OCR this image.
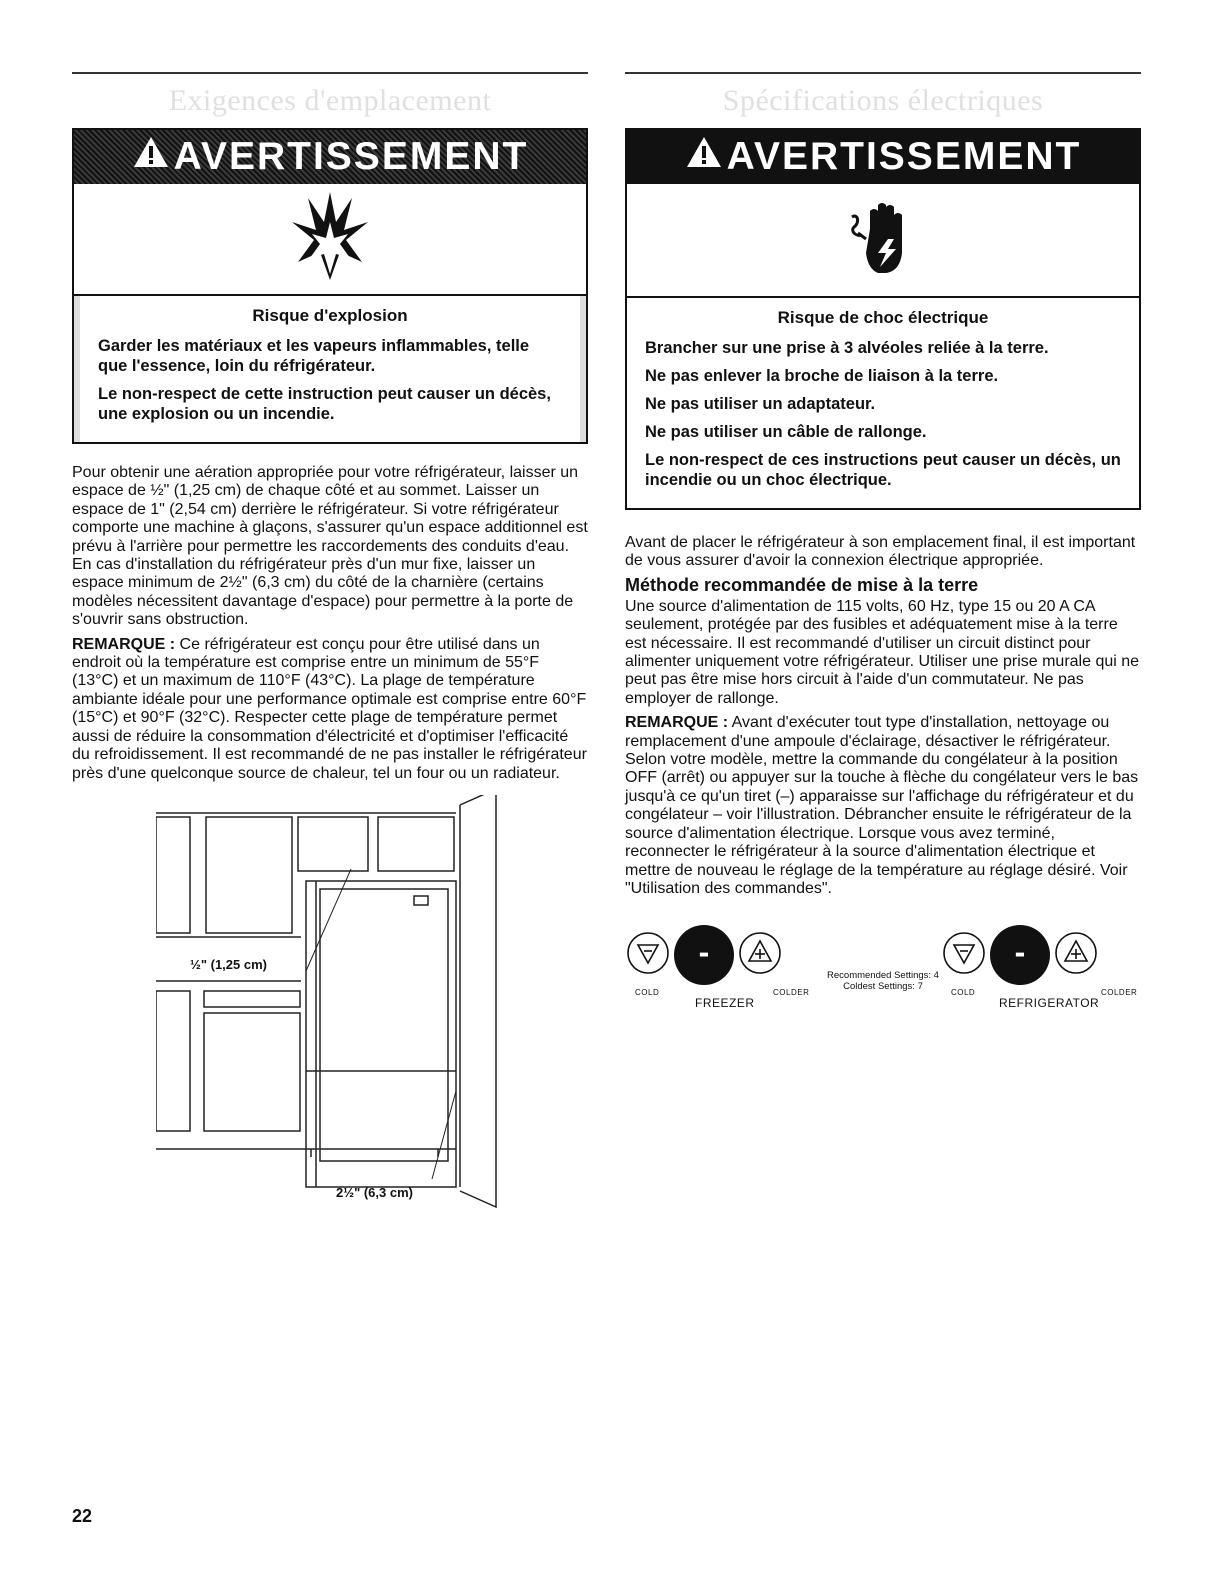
Exigences d'emplacement
AVERTISSEMENT
Risque d'explosion

Garder les matériaux et les vapeurs inflammables, telle que l'essence, loin du réfrigérateur.

Le non-respect de cette instruction peut causer un décès, une explosion ou un incendie.

Pour obtenir une aération appropriée pour votre réfrigérateur, laisser un espace de ½" (1,25 cm) de chaque côté et au sommet. Laisser un espace de 1" (2,54 cm) derrière le réfrigérateur. Si votre réfrigérateur comporte une machine à glaçons, s'assurer qu'un espace additionnel est prévu à l'arrière pour permettre les raccordements des conduits d'eau. En cas d'installation du réfrigérateur près d'un mur fixe, laisser un espace minimum de 2½" (6,3 cm) du côté de la charnière (certains modèles nécessitent davantage d'espace) pour permettre à la porte de s'ouvrir sans obstruction.

REMARQUE : Ce réfrigérateur est conçu pour être utilisé dans un endroit où la température est comprise entre un minimum de 55°F (13°C) et un maximum de 110°F (43°C). La plage de température ambiante idéale pour une performance optimale est comprise entre 60°F (15°C) et 90°F (32°C). Respecter cette plage de température permet aussi de réduire la consommation d'électricité et d'optimiser l'efficacité du refroidissement. Il est recommandé de ne pas installer le réfrigérateur près d'une quelconque source de chaleur, tel un four ou un radiateur.

½" (1,25 cm)
2½" (6,3 cm)
Spécifications électriques
AVERTISSEMENT
Risque de choc électrique

Brancher sur une prise à 3 alvéoles reliée à la terre.

Ne pas enlever la broche de liaison à la terre.

Ne pas utiliser un adaptateur.

Ne pas utiliser un câble de rallonge.

Le non-respect de ces instructions peut causer un décès, un incendie ou un choc électrique.

Avant de placer le réfrigérateur à son emplacement final, il est important de vous assurer d'avoir la connexion électrique appropriée.

Méthode recommandée de mise à la terre

Une source d'alimentation de 115 volts, 60 Hz, type 15 ou 20 A CA seulement, protégée par des fusibles et adéquatement mise à la terre est nécessaire. Il est recommandé d'utiliser un circuit distinct pour alimenter uniquement votre réfrigérateur. Utiliser une prise murale qui ne peut pas être mise hors circuit à l'aide d'un commutateur. Ne pas employer de rallonge.

REMARQUE : Avant d'exécuter tout type d'installation, nettoyage ou remplacement d'une ampoule d'éclairage, désactiver le réfrigérateur. Selon votre modèle, mettre la commande du congélateur à la position OFF (arrêt) ou appuyer sur la touche à flèche du congélateur vers le bas jusqu'à ce qu'un tiret (–) apparaisse sur l'affichage du réfrigérateur et du congélateur – voir l'illustration. Débrancher ensuite le réfrigérateur de la source d'alimentation électrique. Lorsque vous avez terminé, reconnecter le réfrigérateur à la source d'alimentation électrique et mettre de nouveau le réglage de la température au réglage désiré. Voir "Utilisation des commandes".

-
COLD
FREEZER
COLDER
Recommended Settings: 4
Coldest Settings: 7
-
COLD
REFRIGERATOR
COLDER
22
